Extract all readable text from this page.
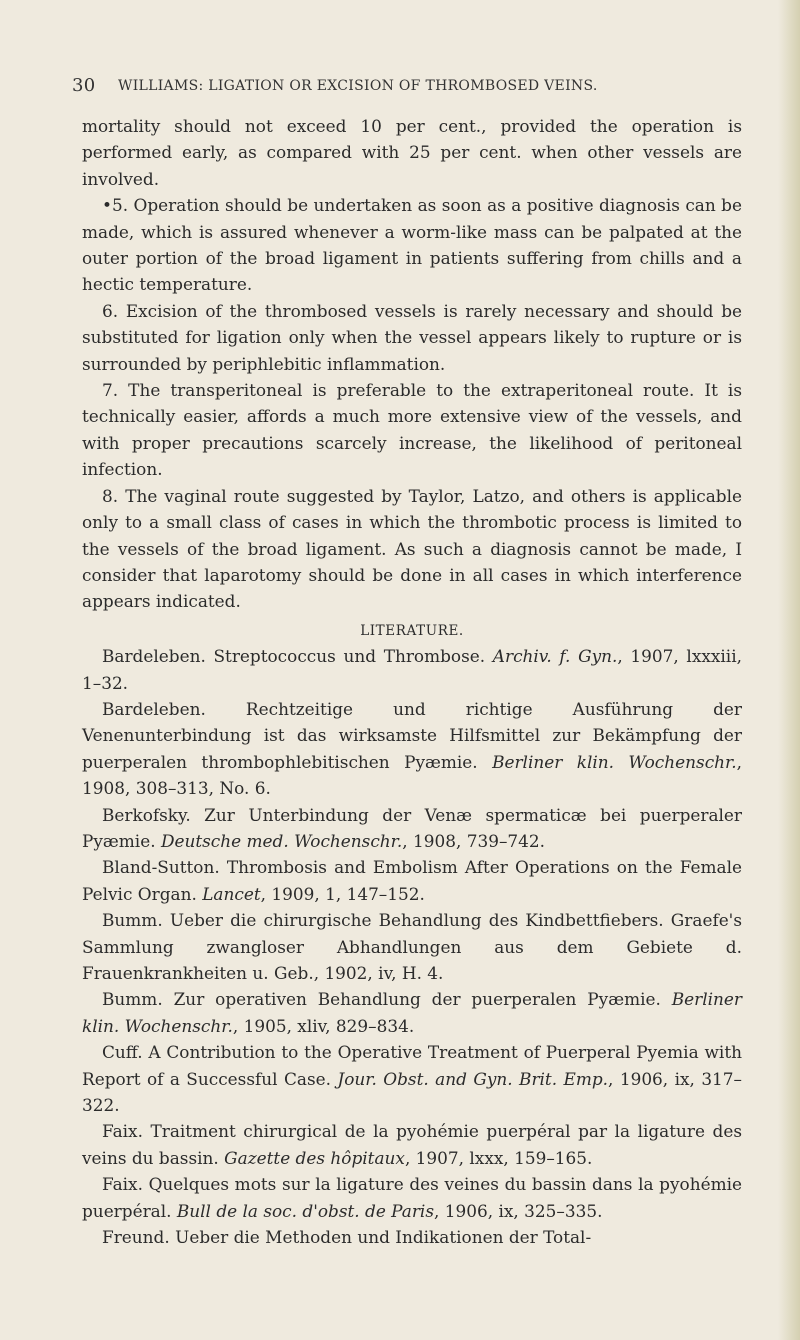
30 WILLIAMS: LIGATION OR EXCISION OF THROMBOSED VEINS.

mortality should not exceed 10 per cent., provided the operation is performed early, as compared with 25 per cent. when other vessels are involved.

•5. Operation should be undertaken as soon as a positive diagnosis can be made, which is assured whenever a worm-like mass can be palpated at the outer portion of the broad ligament in patients suffering from chills and a hectic temperature.

6. Excision of the thrombosed vessels is rarely necessary and should be substituted for ligation only when the vessel appears likely to rupture or is surrounded by periphlebitic inflammation.

7. The transperitoneal is preferable to the extraperitoneal route. It is technically easier, affords a much more extensive view of the vessels, and with proper precautions scarcely increase, the likelihood of peritoneal infection.

8. The vaginal route suggested by Taylor, Latzo, and others is applicable only to a small class of cases in which the thrombotic process is limited to the vessels of the broad ligament. As such a diagnosis cannot be made, I consider that laparotomy should be done in all cases in which interference appears indicated.

LITERATURE.

Bardeleben. Streptococcus und Thrombose. Archiv. f. Gyn., 1907, lxxxiii, 1–32.

Bardeleben. Rechtzeitige und richtige Ausführung der Venenunterbindung ist das wirksamste Hilfsmittel zur Bekämpfung der puerperalen thrombophlebitischen Pyæmie. Berliner klin. Wochenschr., 1908, 308–313, No. 6.

Berkofsky. Zur Unterbindung der Venæ spermaticæ bei puerperaler Pyæmie. Deutsche med. Wochenschr., 1908, 739–742.

Bland-Sutton. Thrombosis and Embolism After Operations on the Female Pelvic Organ. Lancet, 1909, 1, 147–152.

Bumm. Ueber die chirurgische Behandlung des Kindbettfiebers. Graefe's Sammlung zwangloser Abhandlungen aus dem Gebiete d. Frauenkrankheiten u. Geb., 1902, iv, H. 4.

Bumm. Zur operativen Behandlung der puerperalen Pyæmie. Berliner klin. Wochenschr., 1905, xliv, 829–834.

Cuff. A Contribution to the Operative Treatment of Puerperal Pyemia with Report of a Successful Case. Jour. Obst. and Gyn. Brit. Emp., 1906, ix, 317–322.

Faix. Traitment chirurgical de la pyohémie puerpéral par la ligature des veins du bassin. Gazette des hôpitaux, 1907, lxxx, 159–165.

Faix. Quelques mots sur la ligature des veines du bassin dans la pyohémie puerpéral. Bull de la soc. d'obst. de Paris, 1906, ix, 325–335.

Freund. Ueber die Methoden und Indikationen der Total-
